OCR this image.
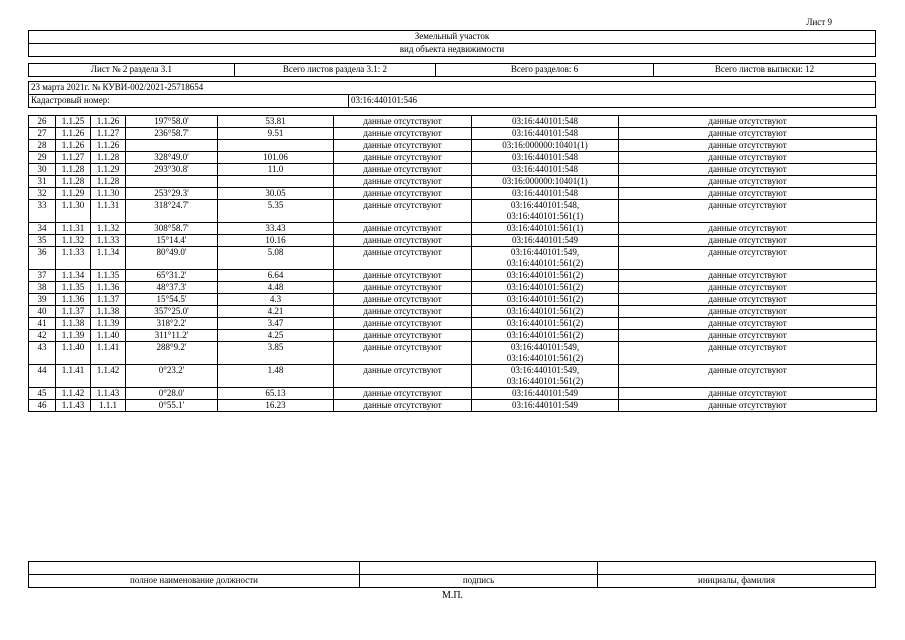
Лист 9
Земельный участок
вид объекта недвижимости
Лист № 2 раздела 3.1	Всего листов раздела 3.1: 2	Всего разделов: 6	Всего листов выписки: 12
23 марта 2021г. № КУВИ-002/2021-25718654
Кадастровый номер:	03:16:440101:546
26	1.1.25	1.1.26	197°58.0'	53.81	данные отсутствуют	03:16:440101:548	данные отсутствуют
27	1.1.26	1.1.27	236°58.7'	9.51	данные отсутствуют	03:16:440101:548	данные отсутствуют
28	1.1.26	1.1.26			данные отсутствуют	03:16:000000:10401(1)	данные отсутствуют
29	1.1.27	1.1.28	328°49.0'	101.06	данные отсутствуют	03:16:440101:548	данные отсутствуют
30	1.1.28	1.1.29	293°30.8'	11.0	данные отсутствуют	03:16:440101:548	данные отсутствуют
31	1.1.28	1.1.28			данные отсутствуют	03:16:000000:10401(1)	данные отсутствуют
32	1.1.29	1.1.30	253°29.3'	30.05	данные отсутствуют	03:16:440101:548	данные отсутствуют
33	1.1.30	1.1.31	318°24.7'	5.35	данные отсутствуют	03:16:440101:548,
03:16:440101:561(1)	данные отсутствуют
34	1.1.31	1.1.32	308°58.7'	33.43	данные отсутствуют	03:16:440101:561(1)	данные отсутствуют
35	1.1.32	1.1.33	15°14.4'	10.16	данные отсутствуют	03:16:440101:549	данные отсутствуют
36	1.1.33	1.1.34	80°49.0'	5.08	данные отсутствуют	03:16:440101:549,
03:16:440101:561(2)	данные отсутствуют
37	1.1.34	1.1.35	65°31.2'	6.64	данные отсутствуют	03:16:440101:561(2)	данные отсутствуют
38	1.1.35	1.1.36	48°37.3'	4.48	данные отсутствуют	03:16:440101:561(2)	данные отсутствуют
39	1.1.36	1.1.37	15°54.5'	4.3	данные отсутствуют	03:16:440101:561(2)	данные отсутствуют
40	1.1.37	1.1.38	357°25.0'	4.21	данные отсутствуют	03:16:440101:561(2)	данные отсутствуют
41	1.1.38	1.1.39	318°2.2'	3.47	данные отсутствуют	03:16:440101:561(2)	данные отсутствуют
42	1.1.39	1.1.40	311°11.2'	4.25	данные отсутствуют	03:16:440101:561(2)	данные отсутствуют
43	1.1.40	1.1.41	288°9.2'	3.85	данные отсутствуют	03:16:440101:549,
03:16:440101:561(2)	данные отсутствуют
44	1.1.41	1.1.42	0°23.2'	1.48	данные отсутствуют	03:16:440101:549,
03:16:440101:561(2)	данные отсутствуют
45	1.1.42	1.1.43	0°28.0'	65.13	данные отсутствуют	03:16:440101:549	данные отсутствуют
46	1.1.43	1.1.1	0°55.1'	16.23	данные отсутствуют	03:16:440101:549	данные отсутствуют

полное наименование должности	подпись	инициалы, фамилия
М.П.
